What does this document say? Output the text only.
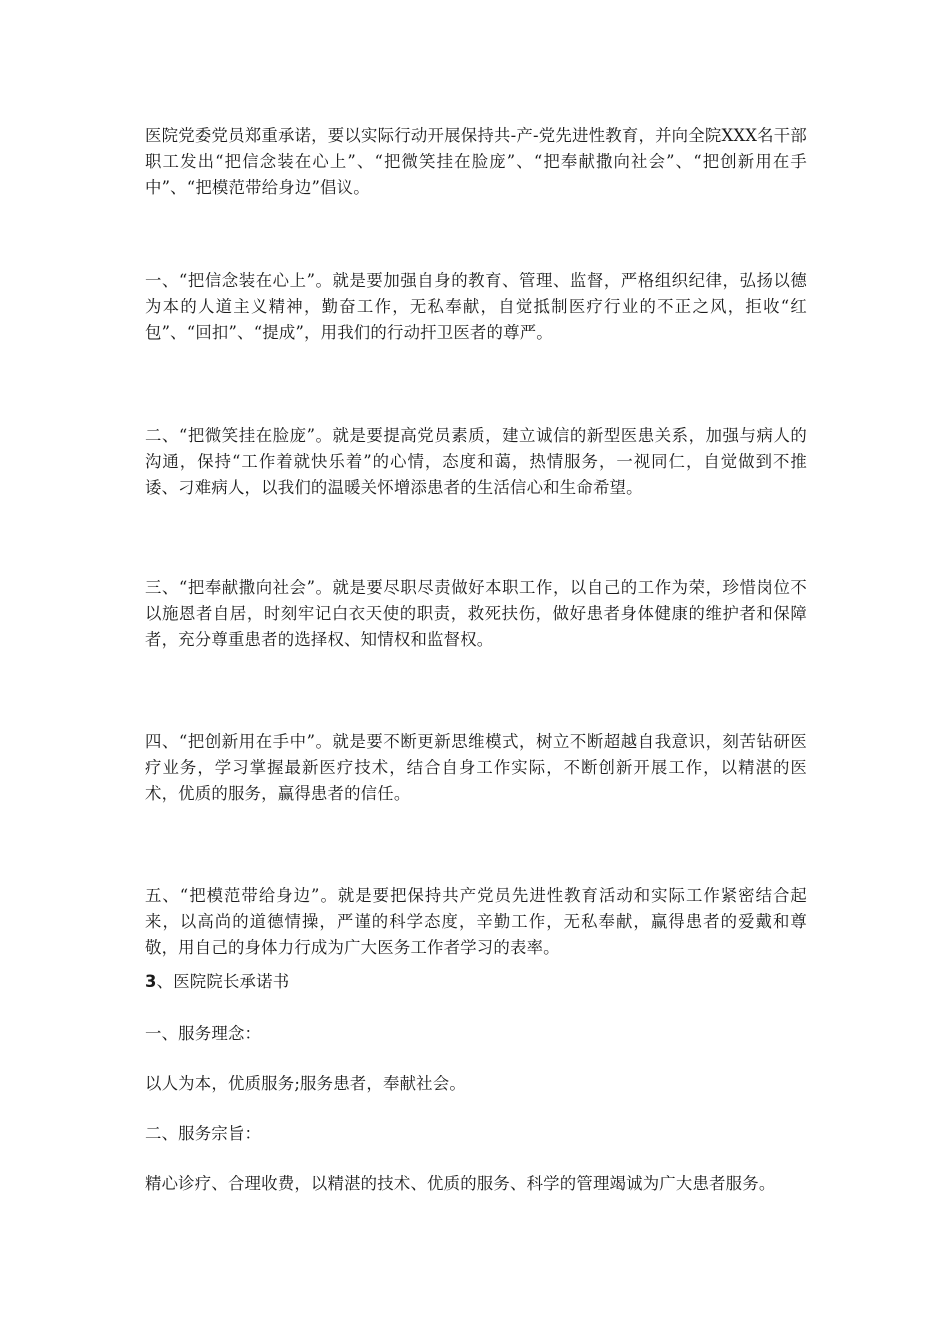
医院党委党员郑重承诺，要以实际行动开展保持共-产-党先进性教育，并向全院XXX名干部职工发出“把信念装在心上”、“把微笑挂在脸庞”、“把奉献撒向社会”、“把创新用在手中”、“把模范带给身边”倡议。

一、“把信念装在心上”。就是要加强自身的教育、管理、监督，严格组织纪律，弘扬以德为本的人道主义精神，勤奋工作，无私奉献，自觉抵制医疗行业的不正之风，拒收“红包”、“回扣”、“提成”，用我们的行动扞卫医者的尊严。

二、“把微笑挂在脸庞”。就是要提高党员素质，建立诚信的新型医患关系，加强与病人的沟通，保持“工作着就快乐着”的心情，态度和蔼，热情服务，一视同仁，自觉做到不推诿、刁难病人，以我们的温暖关怀增添患者的生活信心和生命希望。

三、“把奉献撒向社会”。就是要尽职尽责做好本职工作，以自己的工作为荣，珍惜岗位不以施恩者自居，时刻牢记白衣天使的职责，救死扶伤，做好患者身体健康的维护者和保障者，充分尊重患者的选择权、知情权和监督权。

四、“把创新用在手中”。就是要不断更新思维模式，树立不断超越自我意识，刻苦钻研医疗业务，学习掌握最新医疗技术，结合自身工作实际，不断创新开展工作，以精湛的医术，优质的服务，赢得患者的信任。

五、“把模范带给身边”。就是要把保持共产党员先进性教育活动和实际工作紧密结合起来，以高尚的道德情操，严谨的科学态度，辛勤工作，无私奉献，赢得患者的爱戴和尊敬，用自己的身体力行成为广大医务工作者学习的表率。

3、医院院长承诺书

一、服务理念：

以人为本，优质服务;服务患者，奉献社会。

二、服务宗旨：

精心诊疗、合理收费，以精湛的技术、优质的服务、科学的管理竭诚为广大患者服务。
